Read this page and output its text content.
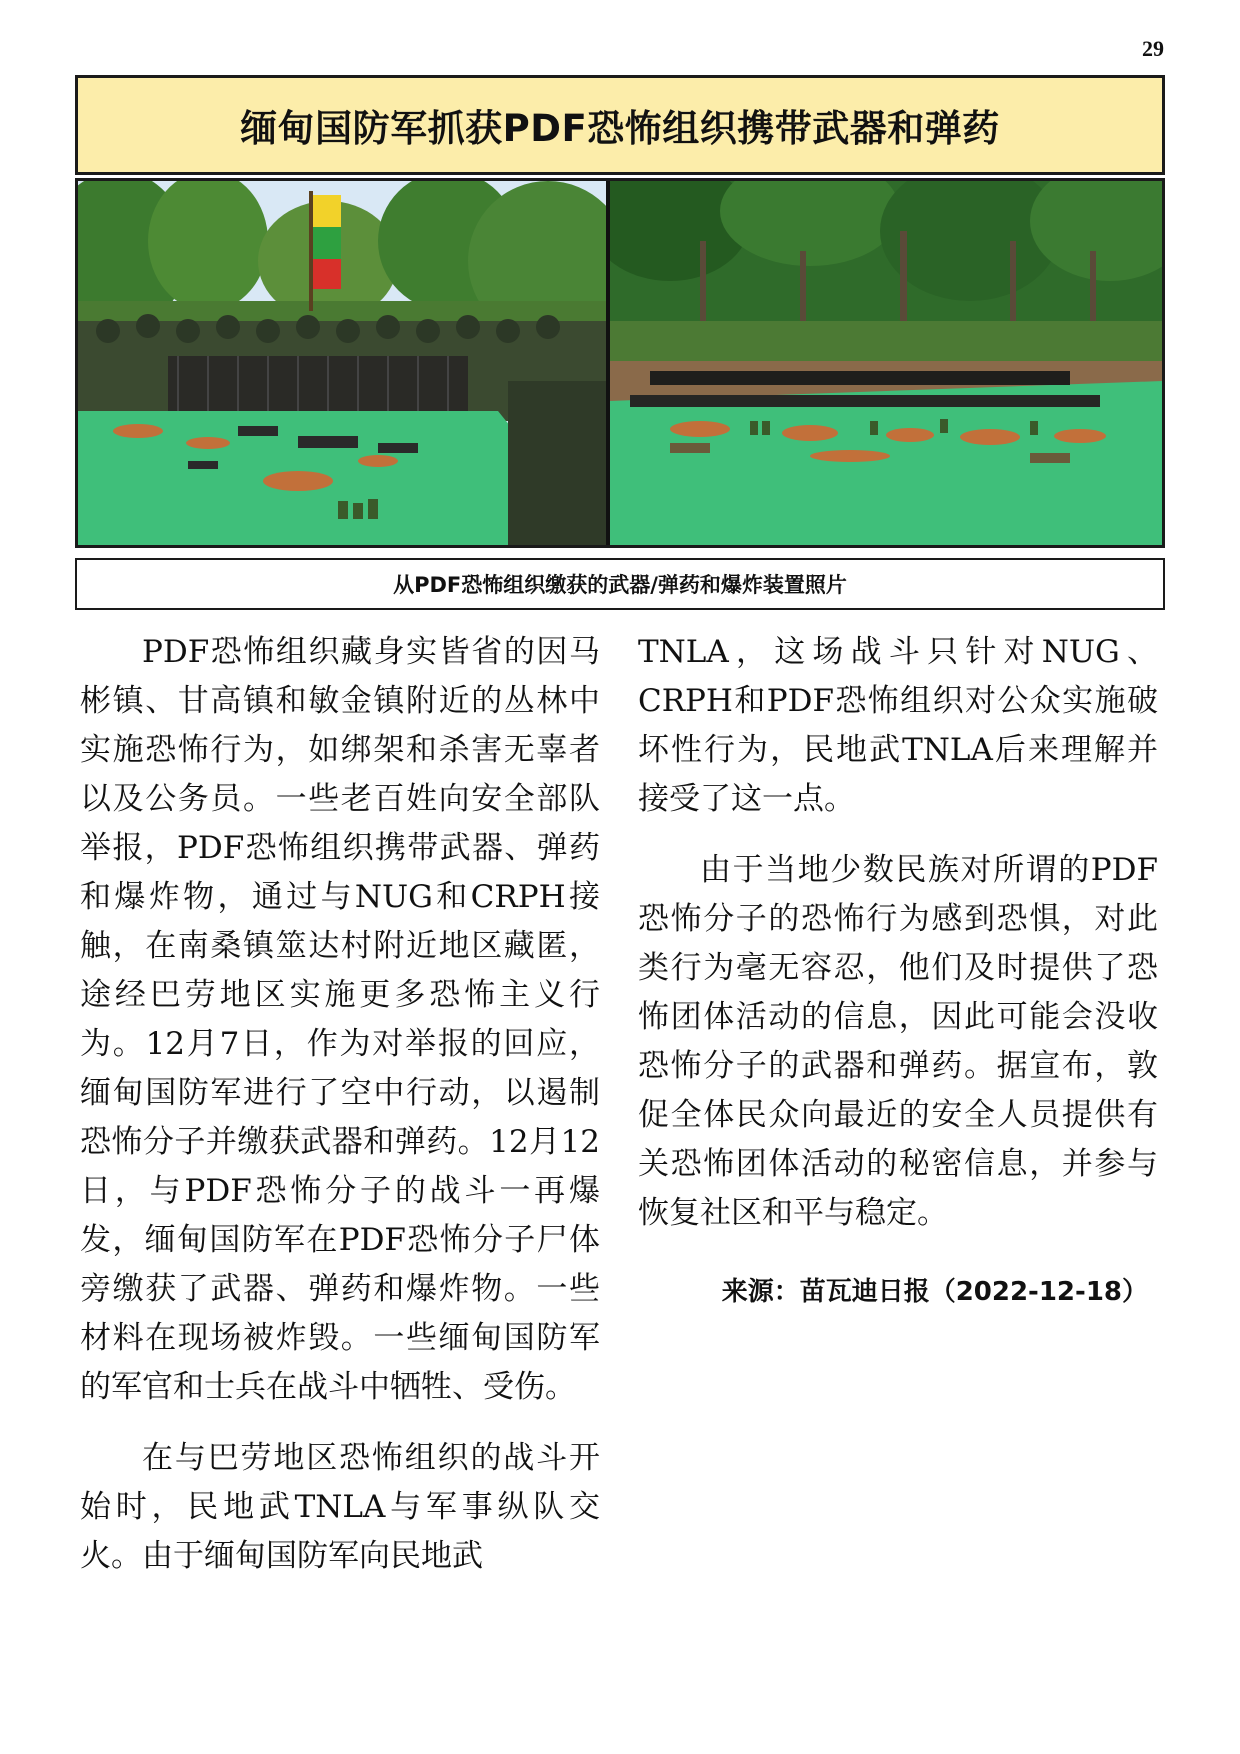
29
缅甸国防军抓获PDF恐怖组织携带武器和弹药
从PDF恐怖组织缴获的武器/弹药和爆炸装置照片

PDF恐怖组织藏身实皆省的因马彬镇、甘高镇和敏金镇附近的丛林中实施恐怖行为，如绑架和杀害无辜者以及公务员。一些老百姓向安全部队举报，PDF恐怖组织携带武器、弹药和爆炸物，通过与NUG和CRPH接触，在南桑镇筮达村附近地区藏匿，途经巴劳地区实施更多恐怖主义行为。12月7日，作为对举报的回应，缅甸国防军进行了空中行动，以遏制恐怖分子并缴获武器和弹药。12月12日，与PDF恐怖分子的战斗一再爆发，缅甸国防军在PDF恐怖分子尸体旁缴获了武器、弹药和爆炸物。一些材料在现场被炸毁。一些缅甸国防军的军官和士兵在战斗中牺牲、受伤。

在与巴劳地区恐怖组织的战斗开始时，民地武TNLA与军事纵队交火。由于缅甸国防军向民地武

TNLA，这场战斗只针对NUG、CRPH和PDF恐怖组织对公众实施破坏性行为，民地武TNLA后来理解并接受了这一点。

由于当地少数民族对所谓的PDF恐怖分子的恐怖行为感到恐惧，对此类行为毫无容忍，他们及时提供了恐怖团体活动的信息，因此可能会没收恐怖分子的武器和弹药。据宣布，敦促全体民众向最近的安全人员提供有关恐怖团体活动的秘密信息，并参与恢复社区和平与稳定。

来源：苗瓦迪日报（2022-12-18）
